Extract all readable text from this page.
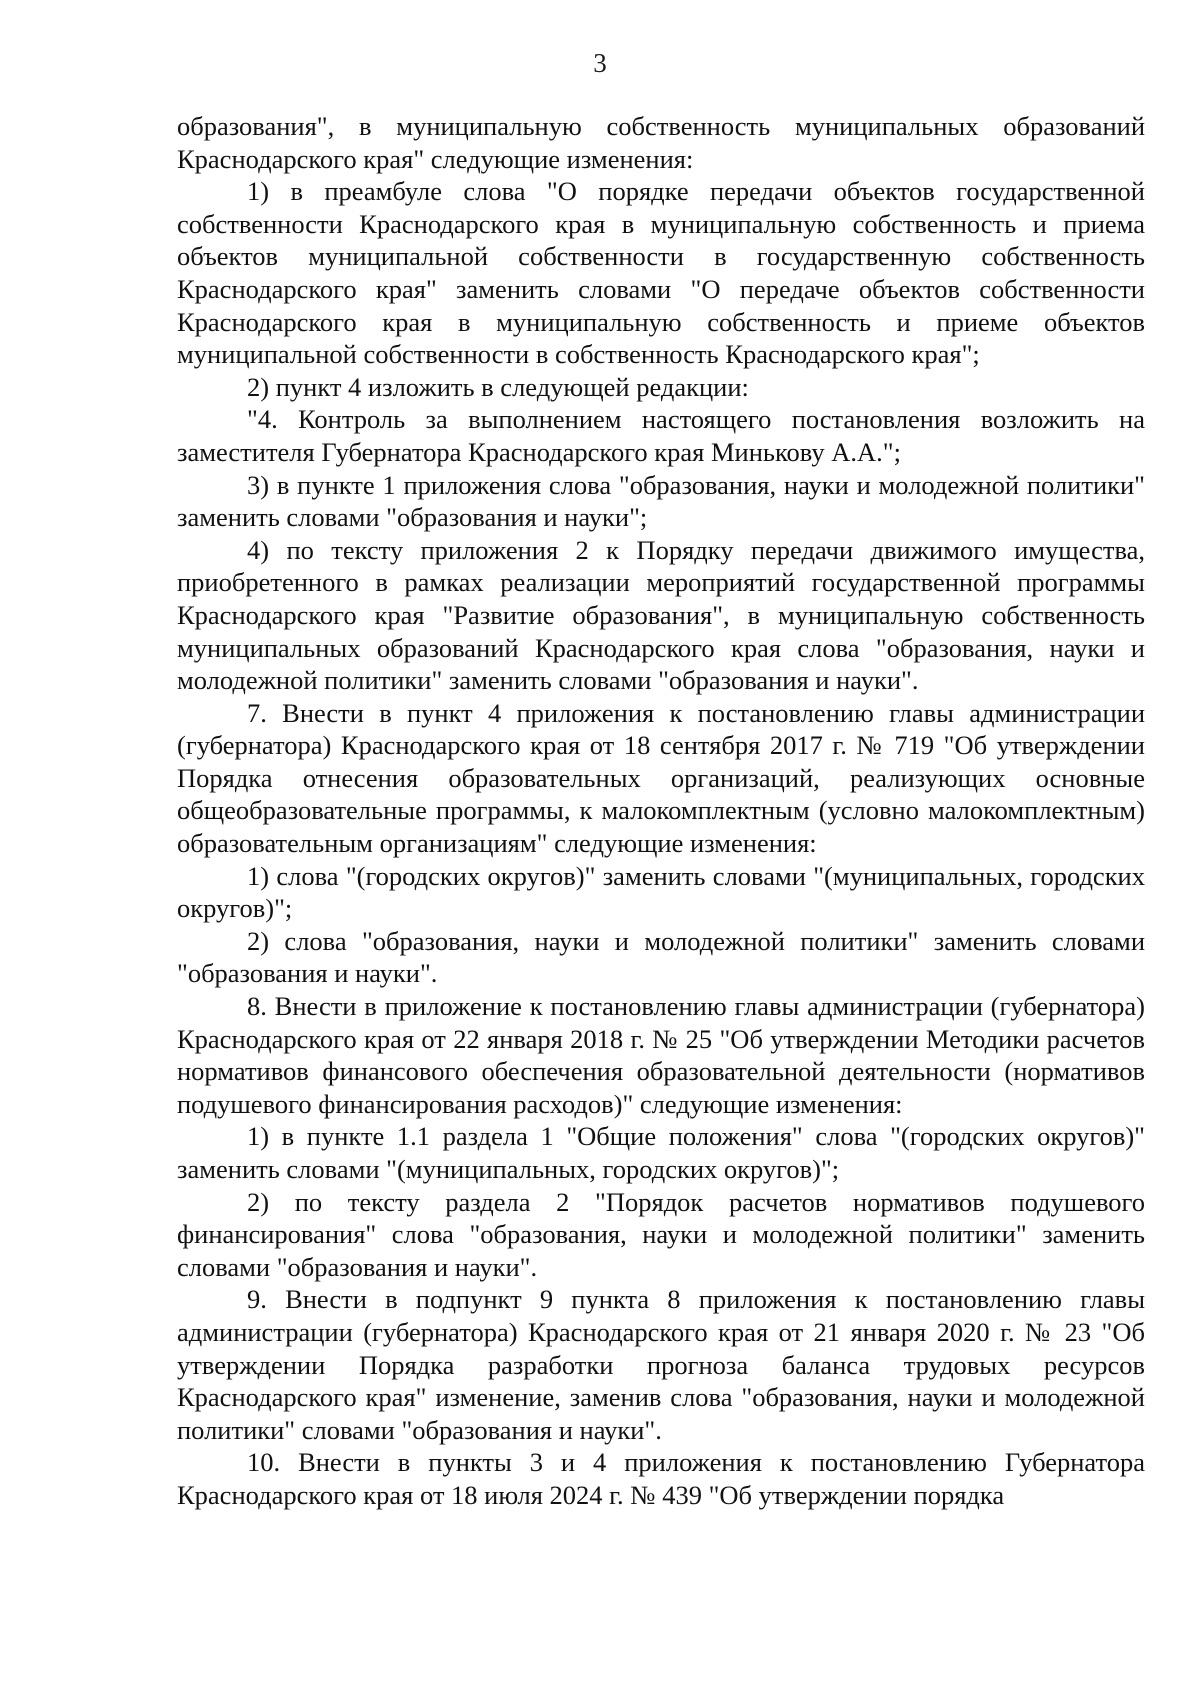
3

образования", в муниципальную собственность муниципальных образований Краснодарского края" следующие изменения:

1) в преамбуле слова "О порядке передачи объектов государственной собственности Краснодарского края в муниципальную собственность и приема объектов муниципальной собственности в государственную собственность Краснодарского края" заменить словами "О передаче объектов собственности Краснодарского края в муниципальную собственность и приеме объектов муниципальной собственности в собственность Краснодарского края";

2) пункт 4 изложить в следующей редакции:

"4. Контроль за выполнением настоящего постановления возложить на заместителя Губернатора Краснодарского края Минькову А.А.";

3) в пункте 1 приложения слова "образования, науки и молодежной политики" заменить словами "образования и науки";

4) по тексту приложения 2 к Порядку передачи движимого имущества, приобретенного в рамках реализации мероприятий государственной программы Краснодарского края "Развитие образования", в муниципальную собственность муниципальных образований Краснодарского края слова "образования, науки и молодежной политики" заменить словами "образования и науки".

7. Внести в пункт 4 приложения к постановлению главы администрации (губернатора) Краснодарского края от 18 сентября 2017 г. № 719 "Об утверждении Порядка отнесения образовательных организаций, реализующих основные общеобразовательные программы, к малокомплектным (условно малокомплектным) образовательным организациям" следующие изменения:

1) слова "(городских округов)" заменить словами "(муниципальных, городских округов)";

2) слова "образования, науки и молодежной политики" заменить словами "образования и науки".

8. Внести в приложение к постановлению главы администрации (губернатора) Краснодарского края от 22 января 2018 г. № 25 "Об утверждении Методики расчетов нормативов финансового обеспечения образовательной деятельности (нормативов подушевого финансирования расходов)" следующие изменения:

1) в пункте 1.1 раздела 1 "Общие положения" слова "(городских округов)" заменить словами "(муниципальных, городских округов)";

2) по тексту раздела 2 "Порядок расчетов нормативов подушевого финансирования" слова "образования, науки и молодежной политики" заменить словами "образования и науки".

9. Внести в подпункт 9 пункта 8 приложения к постановлению главы администрации (губернатора) Краснодарского края от 21 января 2020 г. № 23 "Об утверждении Порядка разработки прогноза баланса трудовых ресурсов Краснодарского края" изменение, заменив слова "образования, науки и молодежной политики" словами "образования и науки".

10. Внести в пункты 3 и 4 приложения к постановлению Губернатора Краснодарского края от 18 июля 2024 г. № 439 "Об утверждении порядка
